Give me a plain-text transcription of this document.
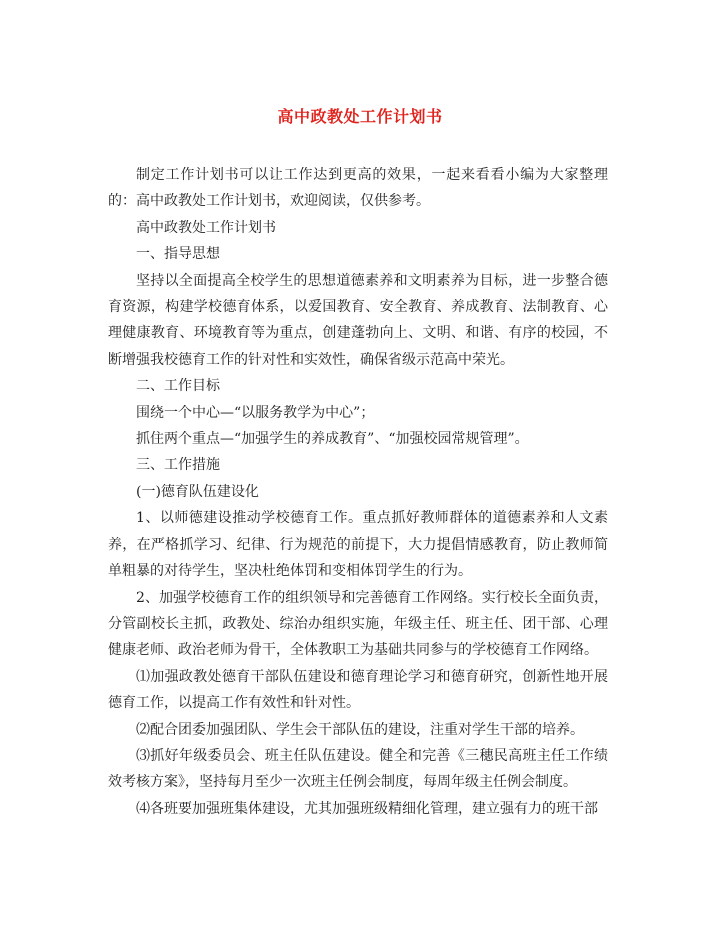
高中政教处工作计划书

制定工作计划书可以让工作达到更高的效果，一起来看看小编为大家整理的：高中政教处工作计划书，欢迎阅读，仅供参考。

高中政教处工作计划书

一、指导思想

坚持以全面提高全校学生的思想道德素养和文明素养为目标，进一步整合德育资源，构建学校德育体系，以爱国教育、安全教育、养成教育、法制教育、心理健康教育、环境教育等为重点，创建蓬勃向上、文明、和谐、有序的校园，不断增强我校德育工作的针对性和实效性，确保省级示范高中荣光。

二、工作目标

围绕一个中心—“以服务教学为中心”；

抓住两个重点—“加强学生的养成教育”、“加强校园常规管理”。

三、工作措施

(一)德育队伍建设化

1、以师德建设推动学校德育工作。重点抓好教师群体的道德素养和人文素养，在严格抓学习、纪律、行为规范的前提下，大力提倡情感教育，防止教师简单粗暴的对待学生，坚决杜绝体罚和变相体罚学生的行为。

2、加强学校德育工作的组织领导和完善德育工作网络。实行校长全面负责，分管副校长主抓，政教处、综治办组织实施，年级主任、班主任、团干部、心理健康老师、政治老师为骨干，全体教职工为基础共同参与的学校德育工作网络。

⑴加强政教处德育干部队伍建设和德育理论学习和德育研究，创新性地开展德育工作，以提高工作有效性和针对性。

⑵配合团委加强团队、学生会干部队伍的建设，注重对学生干部的培养。

⑶抓好年级委员会、班主任队伍建设。健全和完善《三穗民高班主任工作绩效考核方案》，坚持每月至少一次班主任例会制度，每周年级主任例会制度。

⑷各班要加强班集体建设，尤其加强班级精细化管理，建立强有力的班干部
